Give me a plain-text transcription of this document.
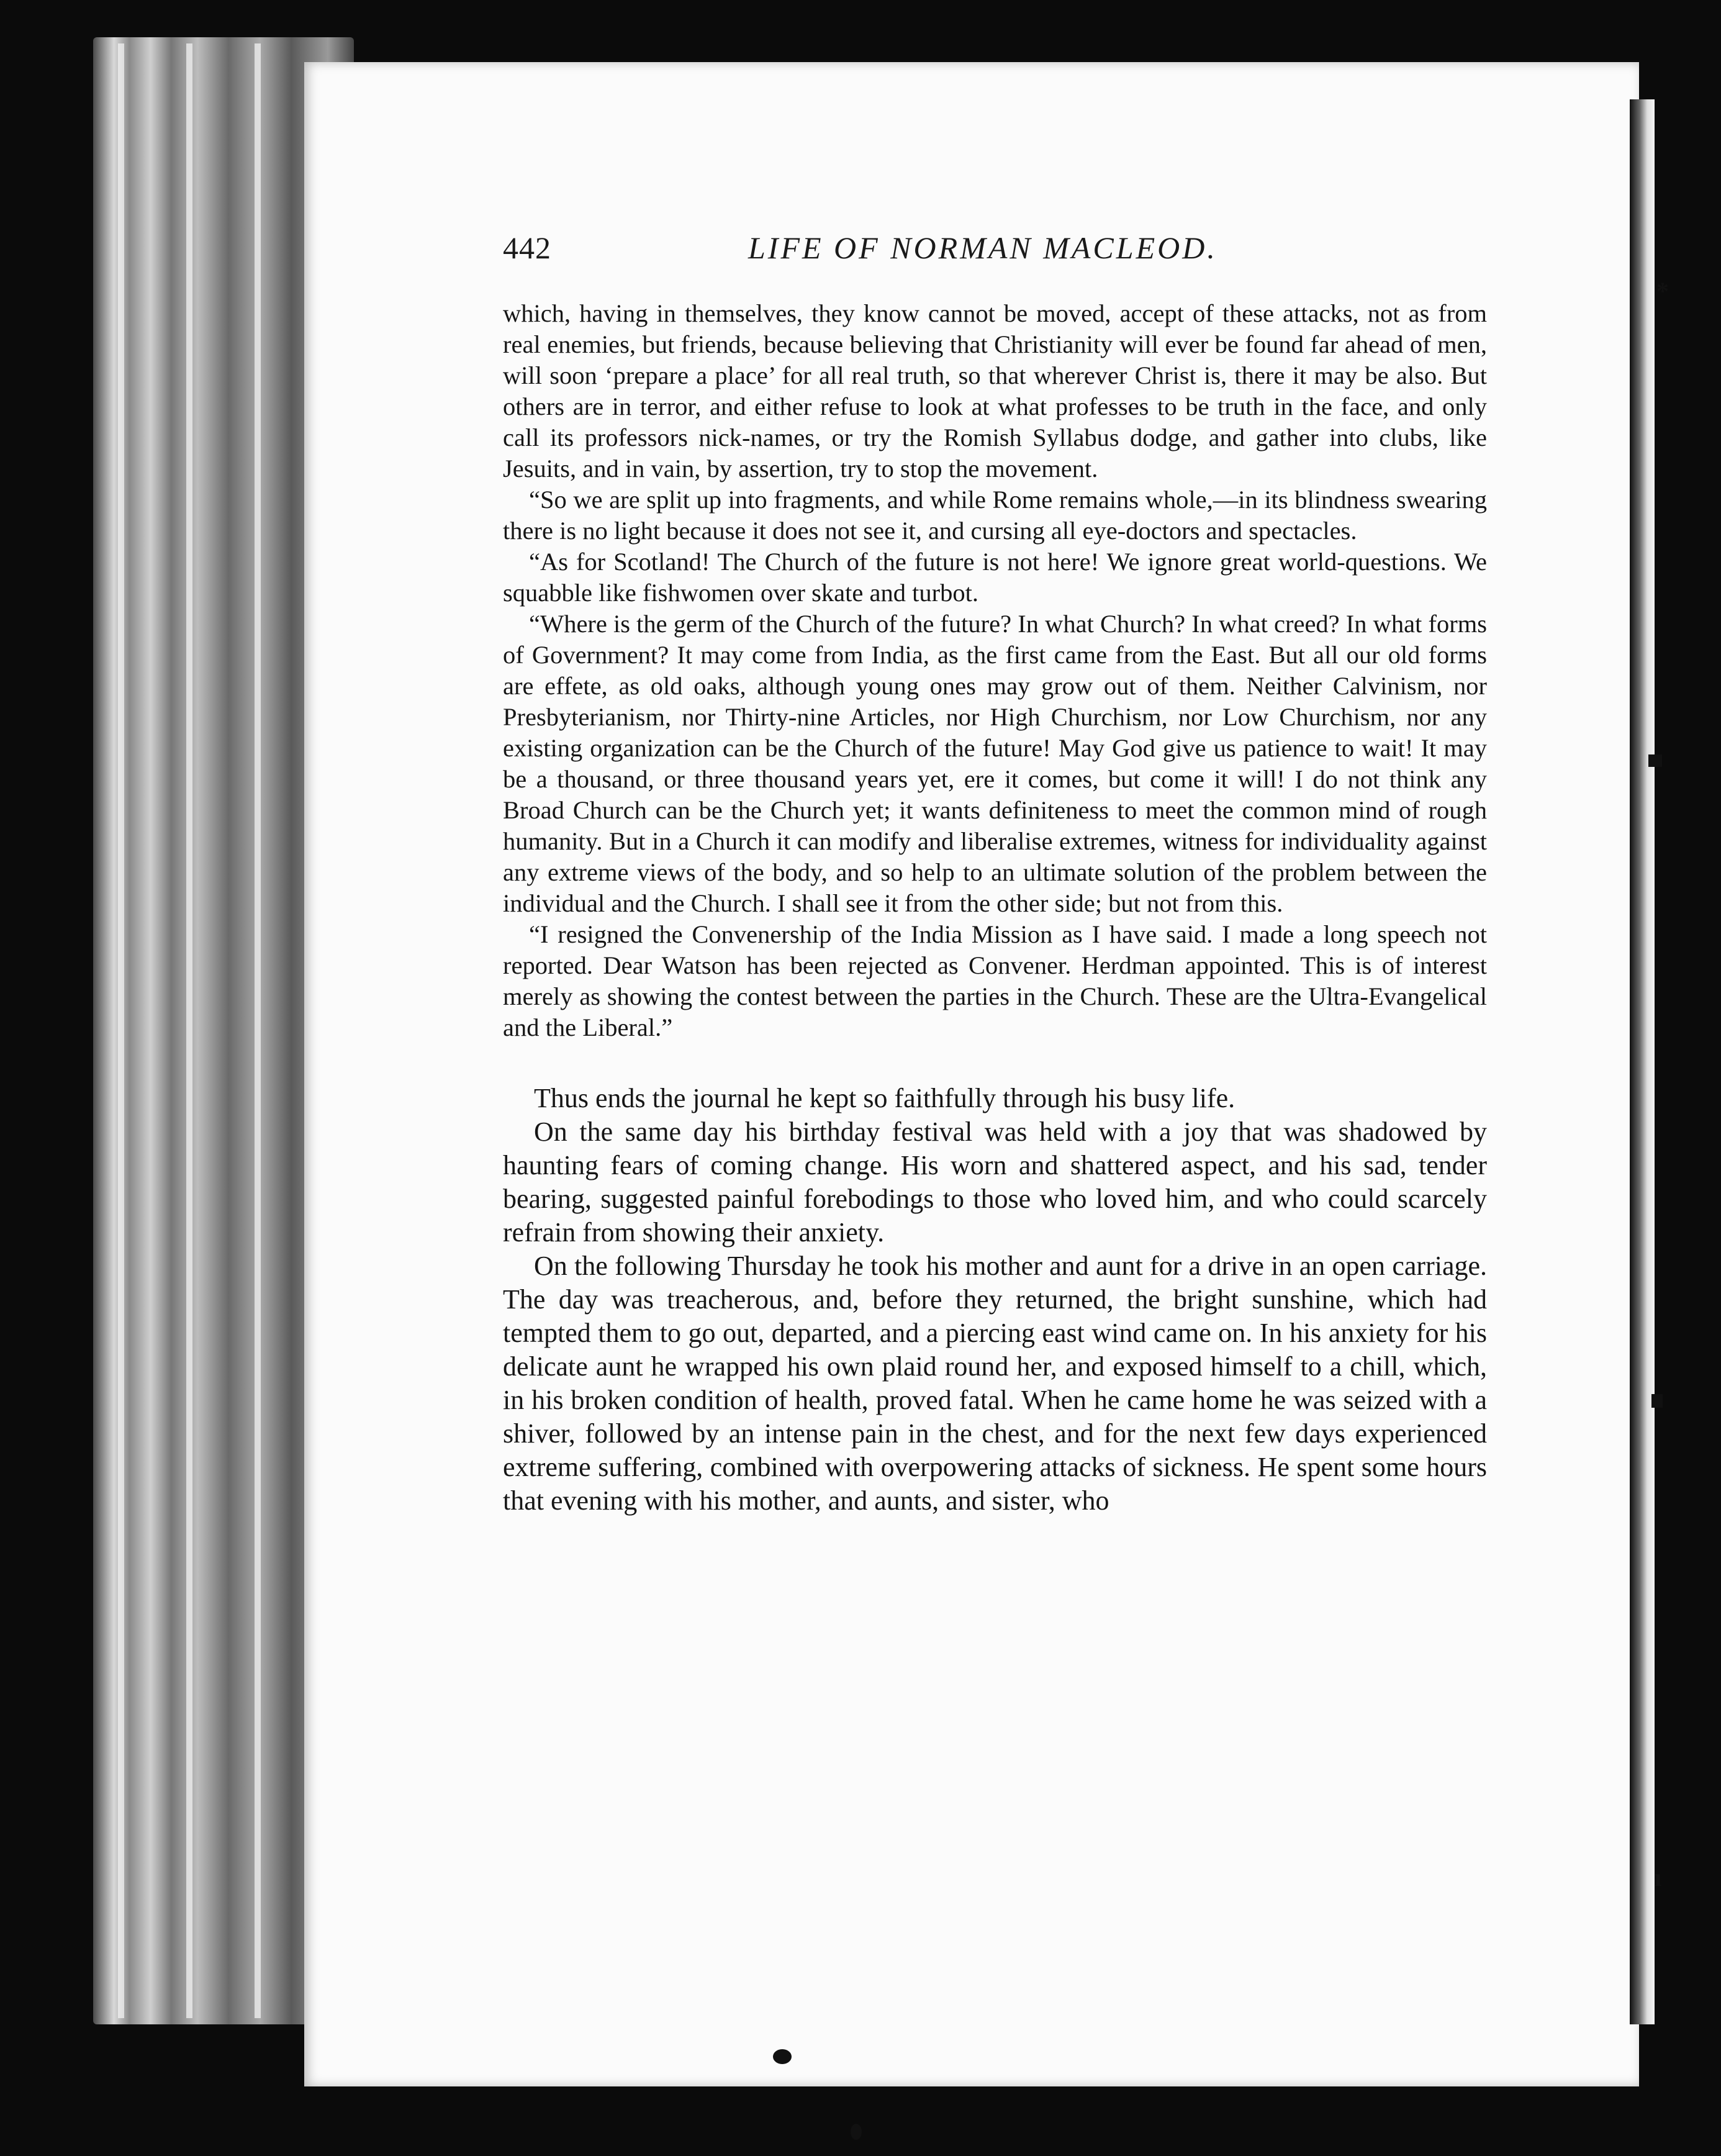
442	LIFE OF NORMAN MACLEOD.

which, having in themselves, they know cannot be moved, accept of these attacks, not as from real enemies, but friends, because believing that Christianity will ever be found far ahead of men, will soon ‘prepare a place’ for all real truth, so that wherever Christ is, there it may be also. But others are in terror, and either refuse to look at what professes to be truth in the face, and only call its professors nick-names, or try the Romish Syllabus dodge, and gather into clubs, like Jesuits, and in vain, by assertion, try to stop the movement.

“So we are split up into fragments, and while Rome remains whole,—in its blindness swearing there is no light because it does not see it, and cursing all eye-doctors and spectacles.

“As for Scotland! The Church of the future is not here! We ignore great world-questions. We squabble like fishwomen over skate and turbot.

“Where is the germ of the Church of the future? In what Church? In what creed? In what forms of Government? It may come from India, as the first came from the East. But all our old forms are effete, as old oaks, although young ones may grow out of them. Neither Calvinism, nor Presbyterianism, nor Thirty-nine Articles, nor High Churchism, nor Low Churchism, nor any existing organization can be the Church of the future! May God give us patience to wait! It may be a thousand, or three thousand years yet, ere it comes, but come it will! I do not think any Broad Church can be the Church yet; it wants definiteness to meet the common mind of rough humanity. But in a Church it can modify and liberalise extremes, witness for individuality against any extreme views of the body, and so help to an ultimate solution of the problem between the individual and the Church. I shall see it from the other side; but not from this.

“I resigned the Convenership of the India Mission as I have said. I made a long speech not reported. Dear Watson has been rejected as Convener. Herdman appointed. This is of interest merely as showing the contest between the parties in the Church. These are the Ultra-Evangelical and the Liberal.”

Thus ends the journal he kept so faithfully through his busy life.

On the same day his birthday festival was held with a joy that was shadowed by haunting fears of coming change. His worn and shattered aspect, and his sad, tender bearing, suggested painful forebodings to those who loved him, and who could scarcely refrain from showing their anxiety.

On the following Thursday he took his mother and aunt for a drive in an open carriage. The day was treacherous, and, before they returned, the bright sunshine, which had tempted them to go out, departed, and a piercing east wind came on. In his anxiety for his delicate aunt he wrapped his own plaid round her, and exposed himself to a chill, which, in his broken condition of health, proved fatal. When he came home he was seized with a shiver, followed by an intense pain in the chest, and for the next few days experienced extreme suffering, combined with overpowering attacks of sickness. He spent some hours that evening with his mother, and aunts, and sister, who

*
ı
